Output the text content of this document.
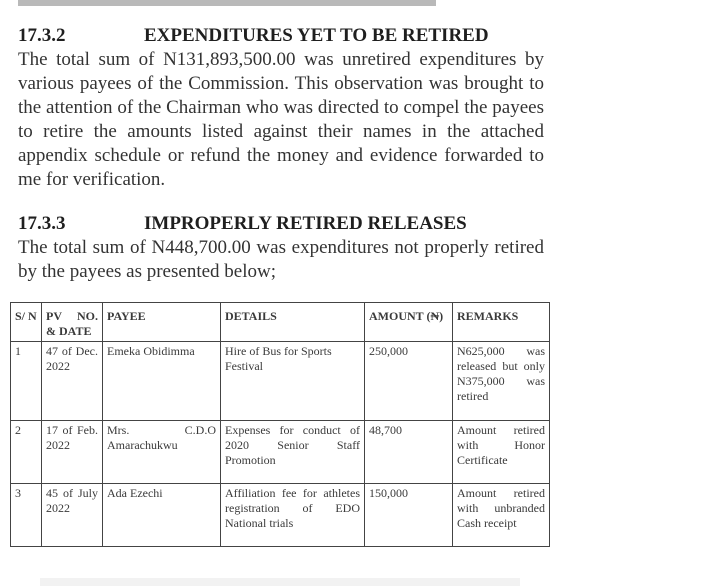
17.3.2	EXPENDITURES YET TO BE RETIRED

The total sum of N131,893,500.00 was unretired expenditures by various payees of the Commission. This observation was brought to the attention of the Chairman who was directed to compel the payees to retire the amounts listed against their names in the attached appendix schedule or refund the money and evidence forwarded to me for verification.

17.3.3	IMPROPERLY RETIRED RELEASES

The total sum of N448,700.00 was expenditures not properly retired by the payees as presented below;

S/ N	PV NO. & DATE	PAYEE	DETAILS	AMOUNT (₦)	REMARKS
1	47 of Dec. 2022	Emeka Obidimma	Hire of Bus for Sports Festival	250,000	N625,000 was released but only N375,000 was retired
2	17 of Feb. 2022	Mrs. C.D.O Amarachukwu	Expenses for conduct of 2020 Senior Staff Promotion	48,700	Amount retired with Honor Certificate
3	45 of July 2022	Ada Ezechi	Affiliation fee for athletes registration of EDO National trials	150,000	Amount retired with unbranded Cash receipt
